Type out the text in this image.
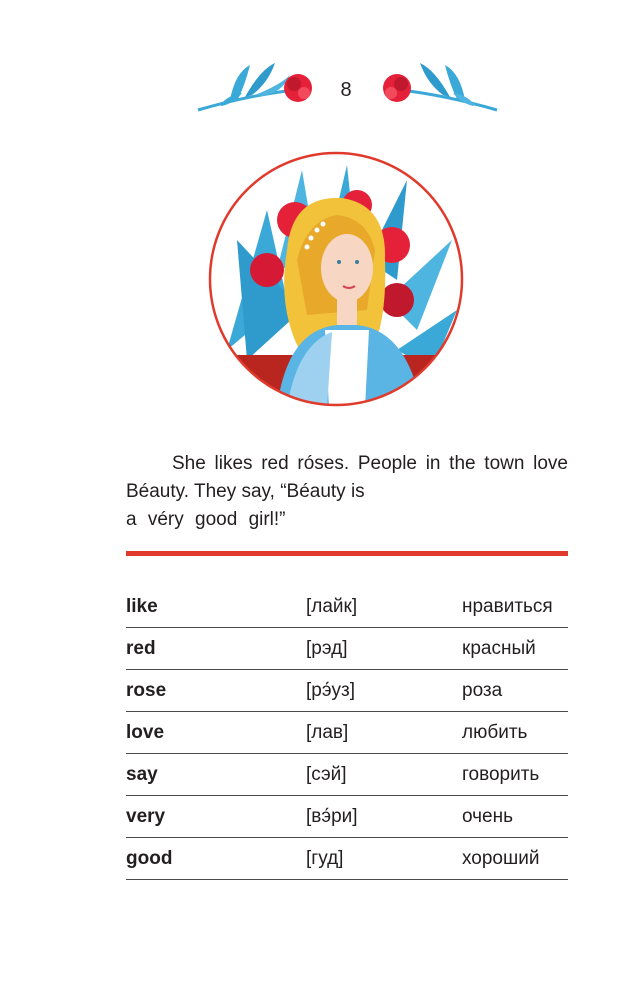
8

She likes red róses. People in the town love Béauty. They say, “Béauty is

a véry good girl!”

like	[лайк]	нравиться
red	[рэд]	красный
rose	[рэ́уз]	роза
love	[лав]	любить
say	[сэй]	говорить
very	[вэ́ри]	очень
good	[гуд]	хороший
